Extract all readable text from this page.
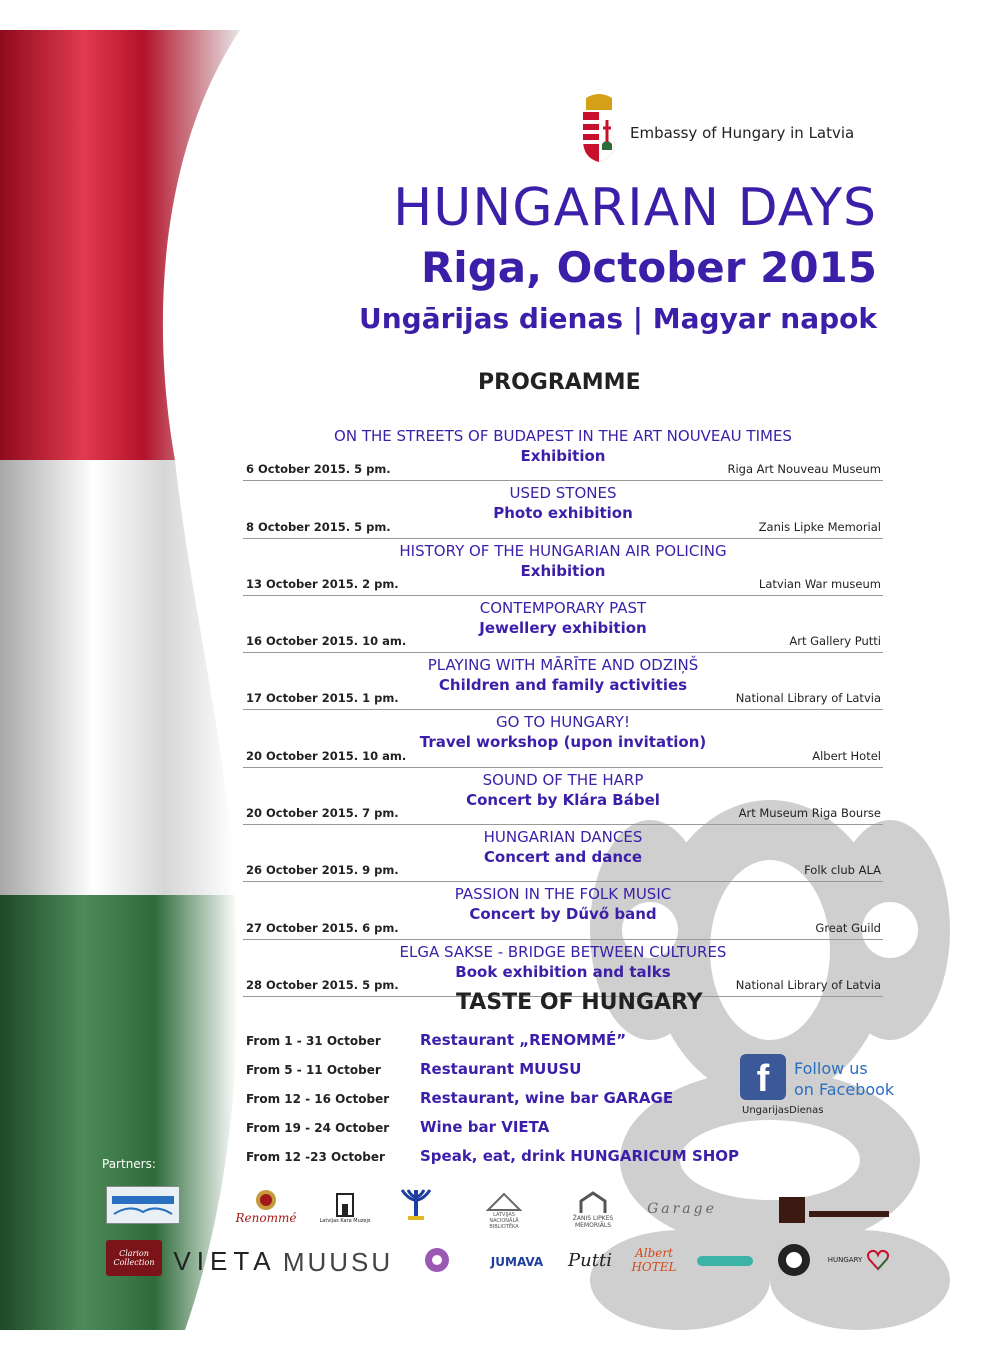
Embassy of Hungary in Latvia
HUNGARIAN DAYS
Riga, October 2015
Ungārijas dienas | Magyar napok
PROGRAMME
ON THE STREETS OF BUDAPEST IN THE ART NOUVEAU TIMES
Exhibition
6 October 2015. 5 pm.	Riga Art Nouveau Museum
USED STONES
Photo exhibition
8 October 2015. 5 pm.	Zanis Lipke Memorial
HISTORY OF THE HUNGARIAN AIR POLICING
Exhibition
13 October 2015. 2 pm.	Latvian War museum
CONTEMPORARY PAST
Jewellery exhibition
16 October 2015. 10 am.	Art Gallery Putti
PLAYING WITH MĀRĪTE AND ODZIŅŠ
Children and family activities
17 October 2015. 1 pm.	National Library of Latvia
GO TO HUNGARY!
Travel workshop (upon invitation)
20 October 2015. 10 am.	Albert Hotel
SOUND OF THE HARP
Concert by Klára Bábel
20 October 2015. 7 pm.	Art Museum Riga Bourse
HUNGARIAN DANCES
Concert and dance
26 October 2015. 9 pm.	Folk club ALA
PASSION IN THE FOLK MUSIC
Concert by Dűvő band
27 October 2015. 6 pm.	Great Guild
ELGA SAKSE - BRIDGE BETWEEN CULTURES
Book exhibition and talks
28 October 2015. 5 pm.	National Library of Latvia
TASTE OF HUNGARY
From 1 - 31 October	Restaurant „RENOMMÉ”
From 5 - 11 October	Restaurant MUUSU
From 12 - 16 October Restaurant, wine bar GARAGE
From 19 - 24 October Wine bar VIETA
From 12 -23 October Speak, eat, drink HUNGARICUM SHOP
f	Follow us
on Facebook
UngarijasDienas
Partners:
Renommé	Latvijas Kara Muzejs
LATVIJAS NACIONĀLĀ BIBLIOTĒKA
ŽANIS LIPKES MEMORIĀLS
Garage
Clarion Collection VIETA MUUSU	JUMAVA Putti	Albert HOTEL	HUNGARY
